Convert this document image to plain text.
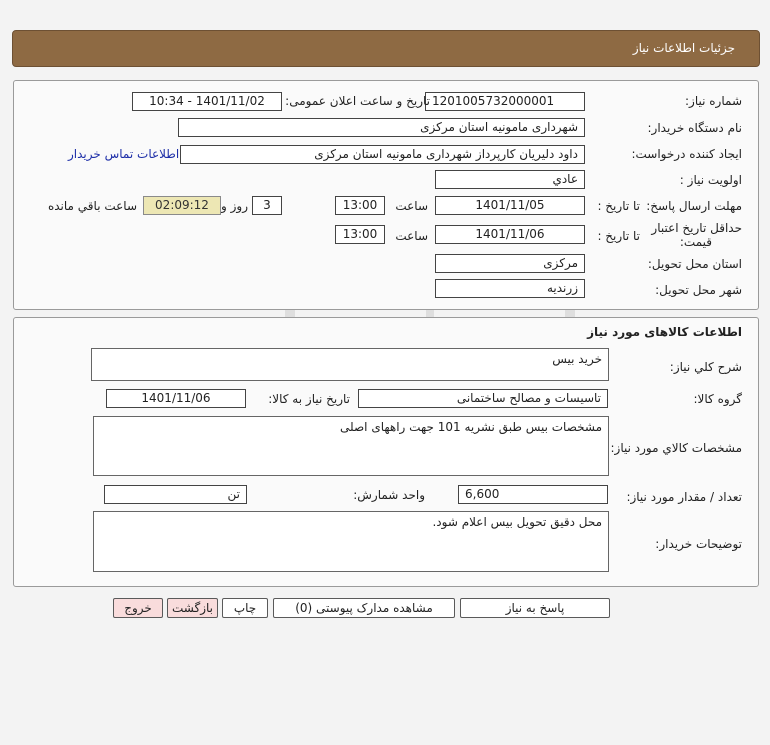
جزئیات اطلاعات نیاز
شماره نیاز:
1201005732000001
تاریخ و ساعت اعلان عمومی:
1401/11/02 - 10:34
نام دستگاه خریدار:
شهرداری مامونیه استان مرکزی
ایجاد کننده درخواست:
داود دلیریان کارپرداز شهرداری مامونیه استان مرکزی
اطلاعات تماس خریدار
اولویت نیاز :
عادي
مهلت ارسال پاسخ:
تا تاریخ :
1401/11/05
ساعت
13:00
3
روز و
02:09:12
ساعت باقي مانده
حداقل تاریخ اعتبار
قیمت:
تا تاریخ :
1401/11/06
ساعت
13:00
استان محل تحویل:
مرکزی
شهر محل تحویل:
زرندیه
اطلاعات کالاهای مورد نیاز
شرح کلي نیاز:
خرید بیس
گروه کالا:
تاسیسات و مصالح ساختمانی
تاریخ نیاز به کالا:
1401/11/06
مشخصات کالاي مورد نیاز:
مشخصات بیس طبق نشریه 101 جهت راههای اصلی
تعداد / مقدار مورد نیاز:
6,600
واحد شمارش:
تن
توضیحات خریدار:
محل دقیق تحویل بیس اعلام شود.
پاسخ به نیاز
مشاهده مدارک پیوستی (0)
چاپ
بازگشت
خروج
